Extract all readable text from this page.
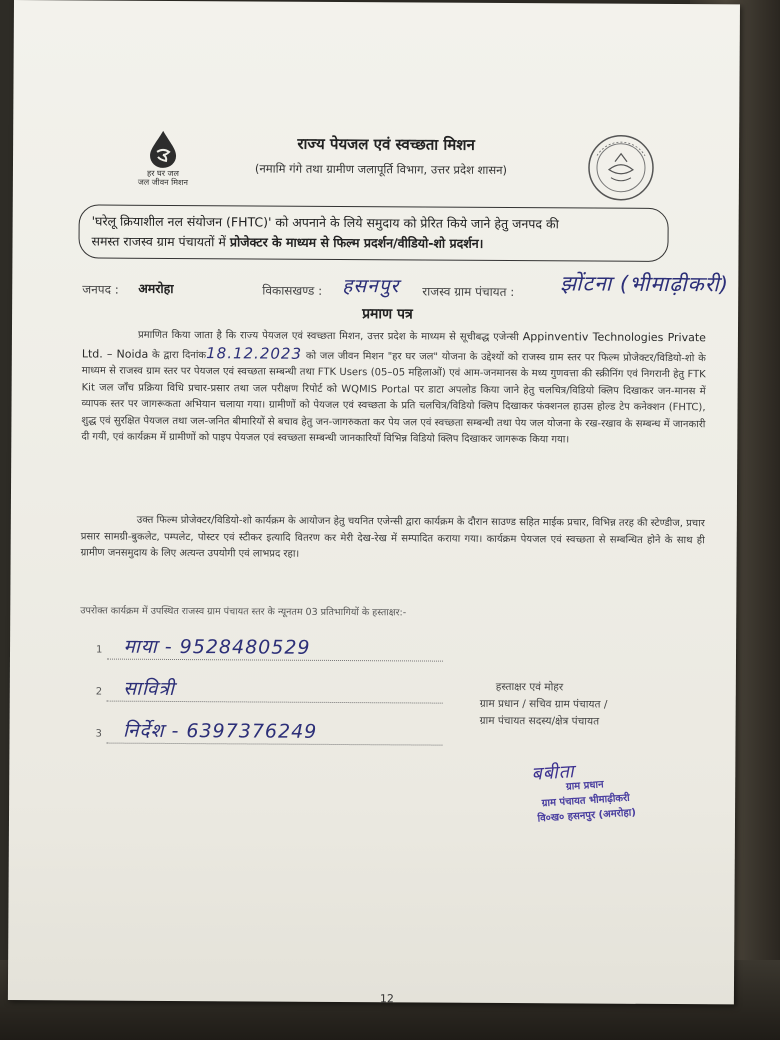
हर घर जल
जल जीवन मिशन
राज्य पेयजल एवं स्वच्छता मिशन
(नमामि गंगे तथा ग्रामीण जलापूर्ति विभाग, उत्तर प्रदेश शासन)
'घरेलू क्रियाशील नल संयोजन (FHTC)' को अपनाने के लिये समुदाय को प्रेरित किये जाने हेतु जनपद की
समस्त राजस्व ग्राम पंचायतों में प्रोजेक्टर के माध्यम से फिल्म प्रदर्शन/वीडियो-शो प्रदर्शन।
जनपद : अमरोहा	विकासखण्ड : हसनपुर राजस्व ग्राम पंचायत : झोंटना (भीमाढ़ीकरी)
प्रमाण पत्र
प्रमाणित किया जाता है कि राज्य पेयजल एवं स्वच्छता मिशन, उत्तर प्रदेश के माध्यम से सूचीबद्ध एजेन्सी Appinventiv Technologies Private Ltd. – Noida के द्वारा दिनांक18.12.2023 को जल जीवन मिशन "हर घर जल" योजना के उद्देश्यों को राजस्व ग्राम स्तर पर फिल्म प्रोजेक्टर/विडियो-शो के माध्यम से राजस्व ग्राम स्तर पर पेयजल एवं स्वच्छता सम्बन्धी तथा FTK Users (05–05 महिलाओं) एवं आम-जनमानस के मध्य गुणवत्ता की स्क्रीनिंग एवं निगरानी हेतु FTK Kit जल जाँच प्रक्रिया विधि प्रचार-प्रसार तथा जल परीक्षण रिपोर्ट को WQMIS Portal पर डाटा अपलोड किया जाने हेतु चलचित्र/विडियो क्लिप दिखाकर जन-मानस में व्यापक स्तर पर जागरूकता अभियान चलाया गया। ग्रामीणों को पेयजल एवं स्वच्छता के प्रति चलचित्र/विडियो क्लिप दिखाकर फंक्शनल हाउस होल्ड टेप कनेक्शन (FHTC), शुद्ध एवं सुरक्षित पेयजल तथा जल-जनित बीमारियों से बचाव हेतु जन-जागरुकता कर पेय जल एवं स्वच्छता सम्बन्धी तथा पेय जल योजना के रख-रखाव के सम्बन्ध में जानकारी दी गयी, एवं कार्यक्रम में ग्रामीणों को पाइप पेयजल एवं स्वच्छता सम्बन्धी जानकारियाँ विभिन्न विडियो क्लिप दिखाकर जागरूक किया गया।
उक्त फिल्म प्रोजेक्टर/विडियो-शो कार्यक्रम के आयोजन हेतु चयनित एजेन्सी द्वारा कार्यक्रम के दौरान साउण्ड सहित माईक प्रचार, विभिन्न तरह की स्टेण्डीज, प्रचार प्रसार सामग्री-बुकलेट, पम्पलेट, पोस्टर एवं स्टीकर इत्यादि वितरण कर मेरी देख-रेख में सम्पादित कराया गया। कार्यक्रम पेयजल एवं स्वच्छता से सम्बन्धित होने के साथ ही ग्रामीण जनसमुदाय के लिए अत्यन्त उपयोगी एवं लाभप्रद रहा।
उपरोक्त कार्यक्रम में उपस्थित राजस्व ग्राम पंचायत स्तर के न्यूनतम 03 प्रतिभागियों के हस्ताक्षर:-
1 माया - 9528480529
2 सावित्री
3 निर्देश - 6397376249
हस्ताक्षर एवं मोहर
ग्राम प्रधान / सचिव ग्राम पंचायत /
ग्राम पंचायत सदस्य/क्षेत्र पंचायत
बबीता
ग्राम प्रधान
ग्राम पंचायत भीमाढ़ीकरी
वि०ख० हसनपुर (अमरोहा)
12
